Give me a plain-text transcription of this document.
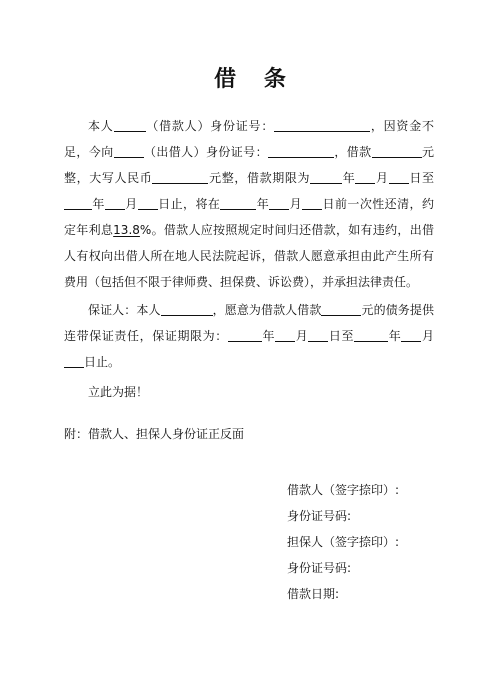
借 条

本人	（借款人）身份证号：	，因资金不足，今向	（出借人）身份证号：	，借款	元整，大写人民币	元整，借款期限为	年 月 日至年 月 日止，将在	年 月 日前一次性还清，约定年利息13.8%。借款人应按照规定时间归还借款，如有违约，出借人有权向出借人所在地人民法院起诉，借款人愿意承担由此产生所有费用（包括但不限于律师费、担保费、诉讼费），并承担法律责任。

保证人：本人	，愿意为借款人借款	元的债务提供连带保证责任，保证期限为：	年 月 日至	年 月日止。

立此为据！

附：借款人、担保人身份证正反面
借款人（签字捺印）:
身份证号码:
担保人（签字捺印）:
身份证号码:
借款日期:
